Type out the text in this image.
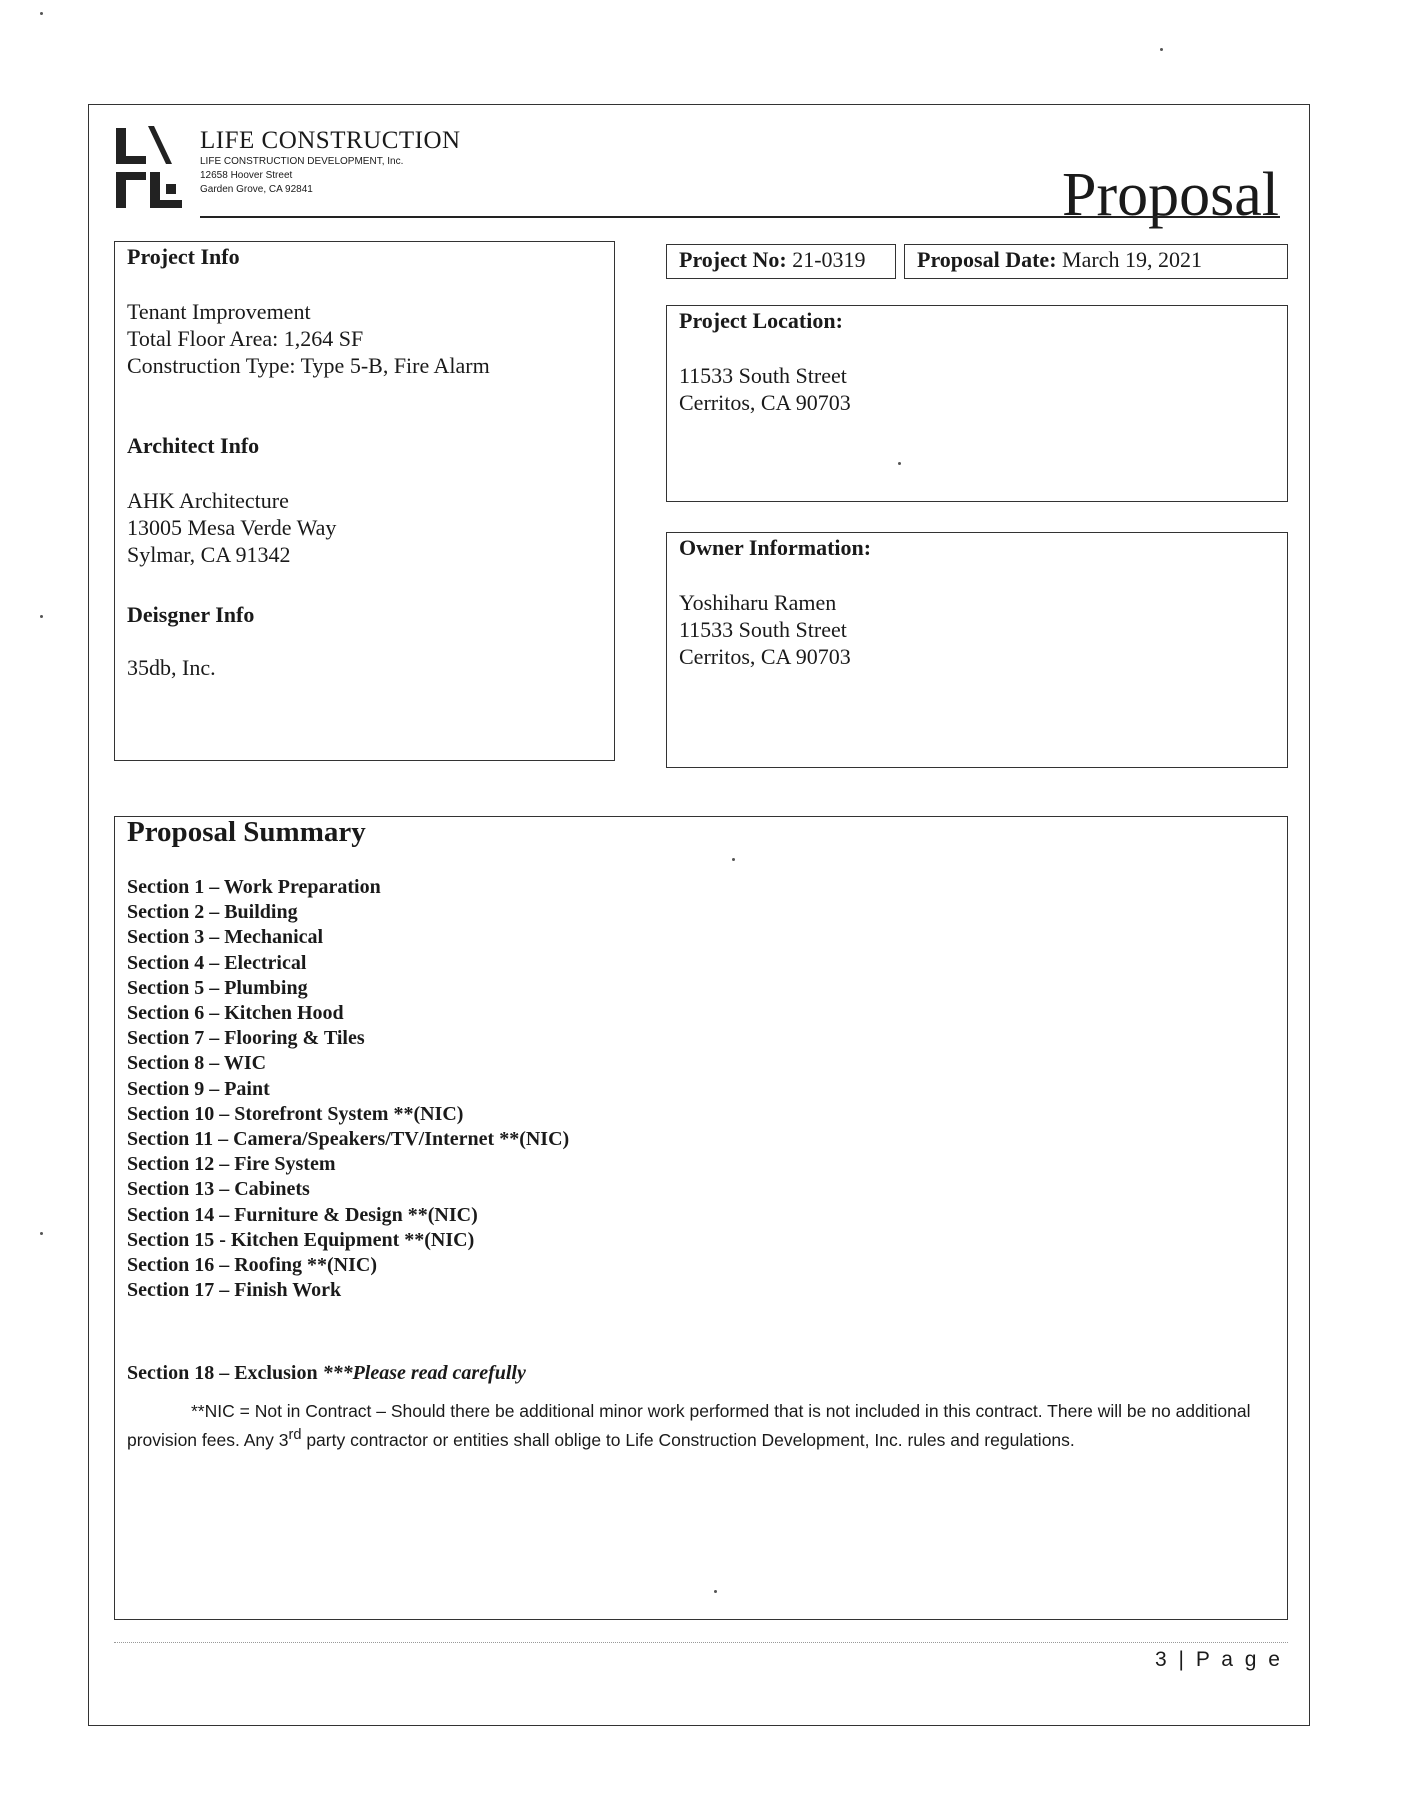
LIFE CONSTRUCTION
LIFE CONSTRUCTION DEVELOPMENT, Inc.
12658 Hoover Street
Garden Grove, CA 92841	Proposal
Project Info
Tenant Improvement
Total Floor Area: 1,264 SF
Construction Type: Type 5-B, Fire Alarm
Architect Info
AHK Architecture
13005 Mesa Verde Way
Sylmar, CA 91342
Deisgner Info
35db, Inc.
Project No: 21-0319	Proposal Date: March 19, 2021
Project Location:
11533 South Street
Cerritos, CA 90703
Owner Information:
Yoshiharu Ramen
11533 South Street
Cerritos, CA 90703
Proposal Summary
Section 1 – Work Preparation
Section 2 – Building
Section 3 – Mechanical
Section 4 – Electrical
Section 5 – Plumbing
Section 6 – Kitchen Hood
Section 7 – Flooring & Tiles
Section 8 – WIC
Section 9 – Paint
Section 10 – Storefront System **(NIC)
Section 11 – Camera/Speakers/TV/Internet **(NIC)
Section 12 – Fire System
Section 13 – Cabinets
Section 14 – Furniture & Design **(NIC)
Section 15 - Kitchen Equipment **(NIC)
Section 16 – Roofing **(NIC)
Section 17 – Finish Work
Section 18 – Exclusion ***Please read carefully
**NIC = Not in Contract – Should there be additional minor work performed that is not included in this contract. There will be no additional provision fees. Any 3rd party contractor or entities shall oblige to Life Construction Development, Inc. rules and regulations.
3 | P a g e
